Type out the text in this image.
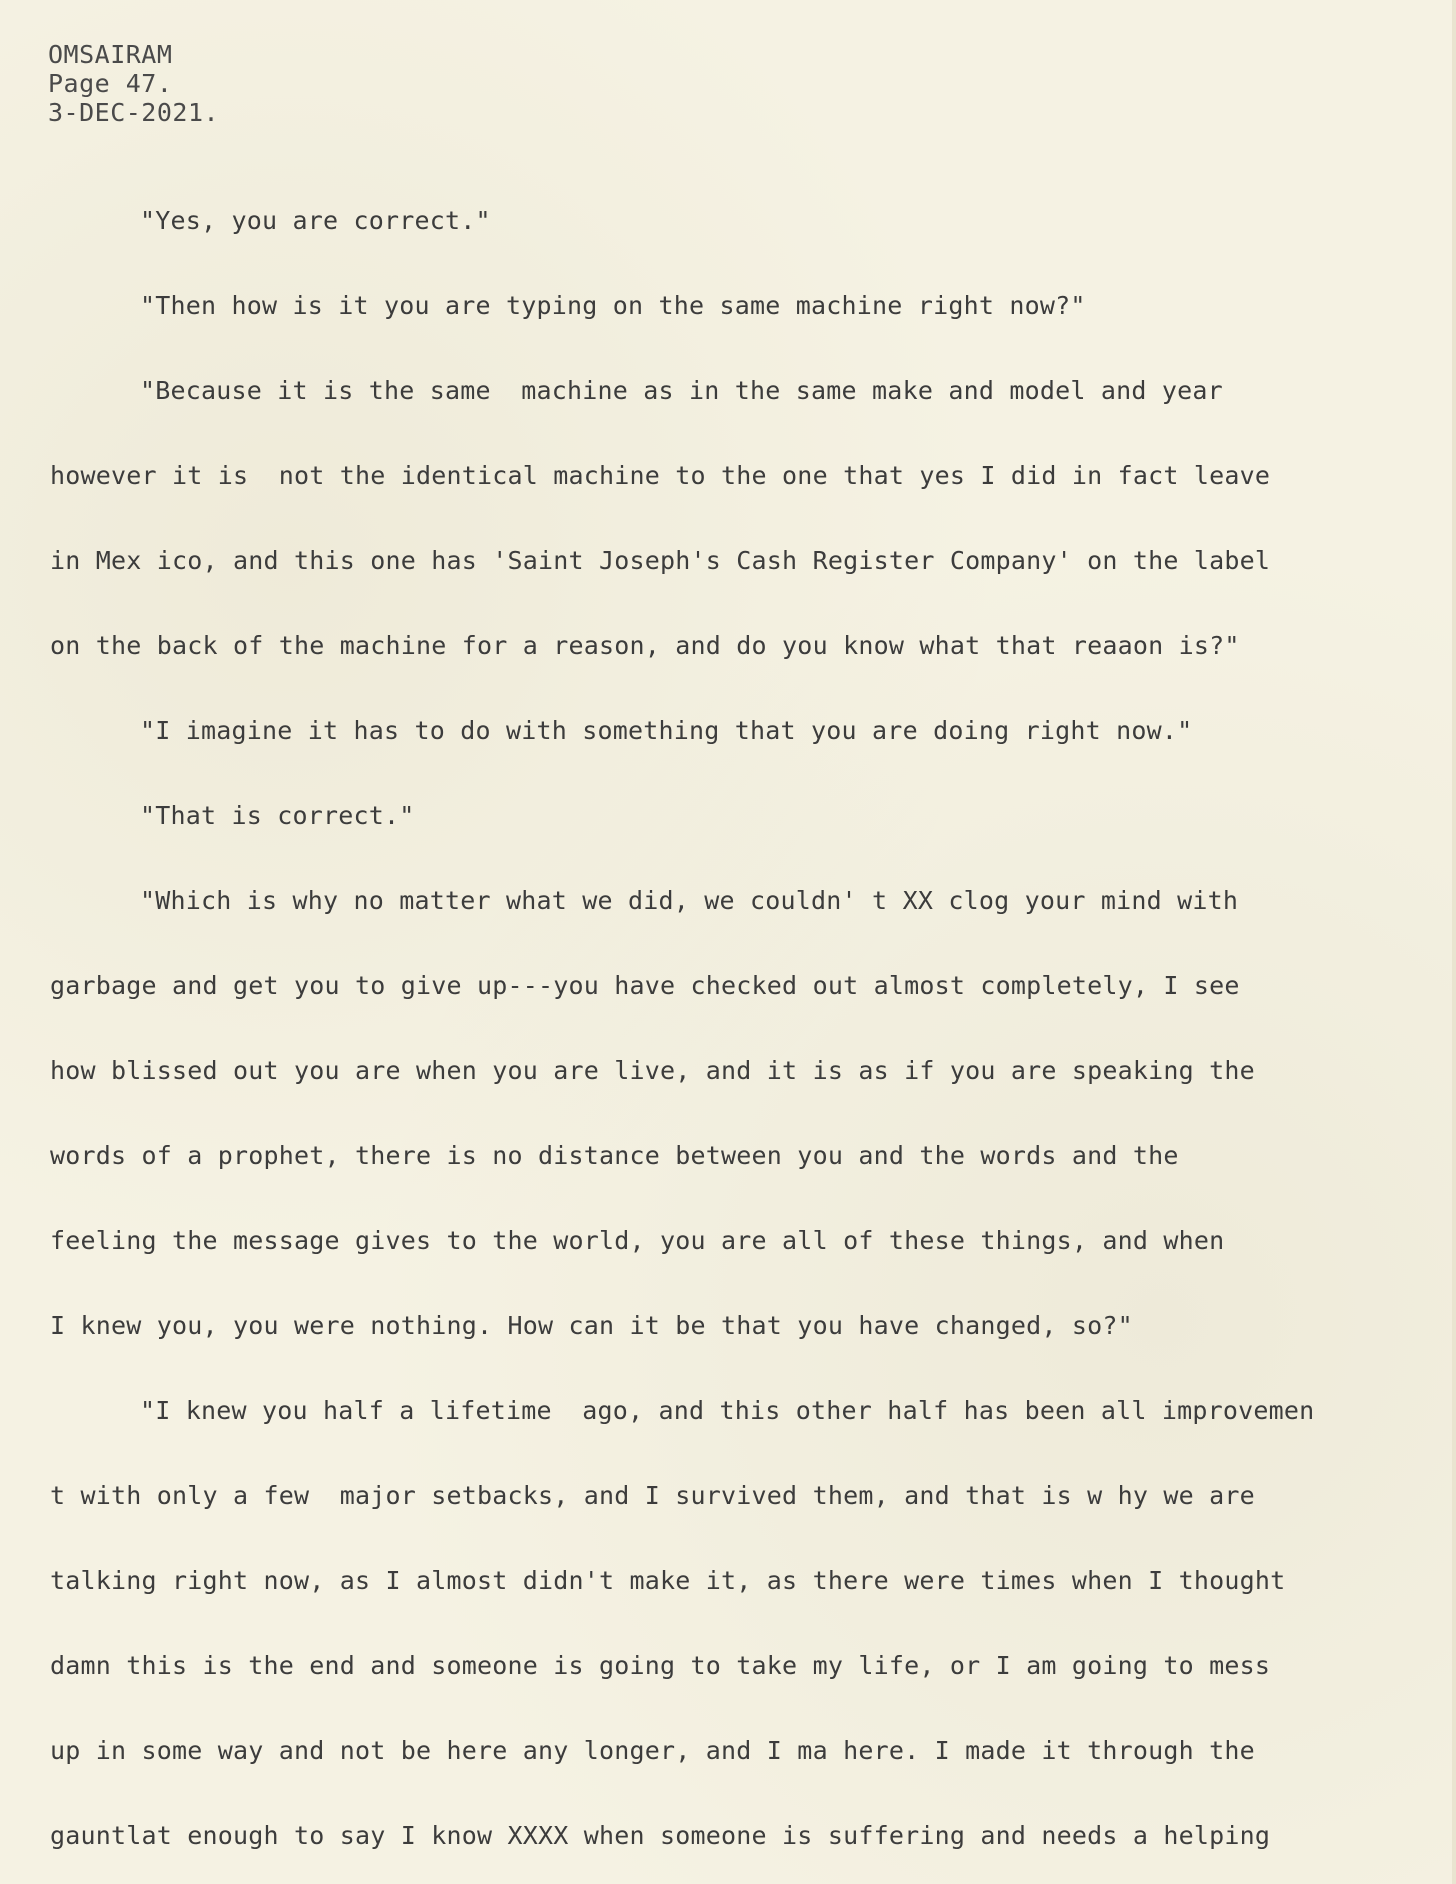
OMSAIRAM
Page 47.
3-DEC-2021.
"Yes, you are correct."
"Then how is it you are typing on the same machine right now?"
"Because it is the same  machine as in the same make and model and year
however it is  not the identical machine to the one that yes I did in fact leave
in Mex ico, and this one has 'Saint Joseph's Cash Register Company' on the label
on the back of the machine for a reason, and do you know what that reaaon is?"
"I imagine it has to do with something that you are doing right now."
"That is correct."
"Which is why no matter what we did, we couldn' t XX clog your mind with
garbage and get you to give up---you have checked out almost completely, I see
how blissed out you are when you are live, and it is as if you are speaking the
words of a prophet, there is no distance between you and the words and the
feeling the message gives to the world, you are all of these things, and when
I knew you, you were nothing. How can it be that you have changed, so?"
"I knew you half a lifetime  ago, and this other half has been all improvemen
t with only a few  major setbacks, and I survived them, and that is w hy we are
talking right now, as I almost didn't make it, as there were times when I thought
damn this is the end and someone is going to take my life, or I am going to mess
up in some way and not be here any longer, and I ma here. I made it through the
gauntlat enough to say I know XXXX when someone is suffering and needs a helping
